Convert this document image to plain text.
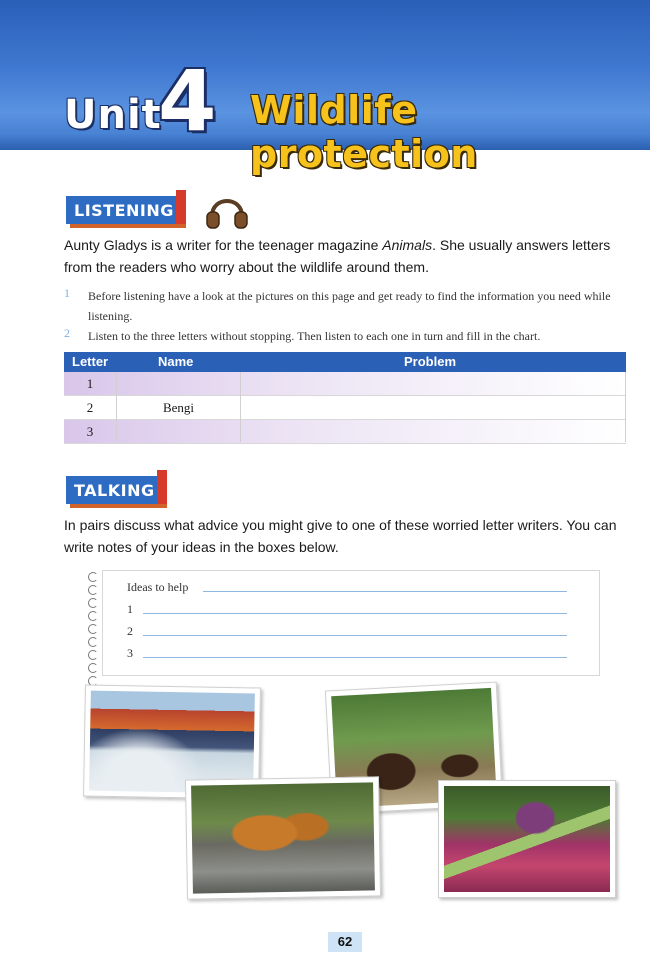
Unit
4 Wildlife protection
LISTENING
Aunty Gladys is a writer for the teenager magazine Animals. She usually answers letters from the readers who worry about the wildlife around them.
1 Before listening have a look at the pictures on this page and get ready to find the information you need while listening.
2 Listen to the three letters without stopping. Then listen to each one in turn and fill in the chart.
Letter	Name	Problem
1
2	Bengi
3
TALKING
In pairs discuss what advice you might give to one of these worried letter writers. You can write notes of your ideas in the boxes below.
Ideas to help
1
2
3
62
